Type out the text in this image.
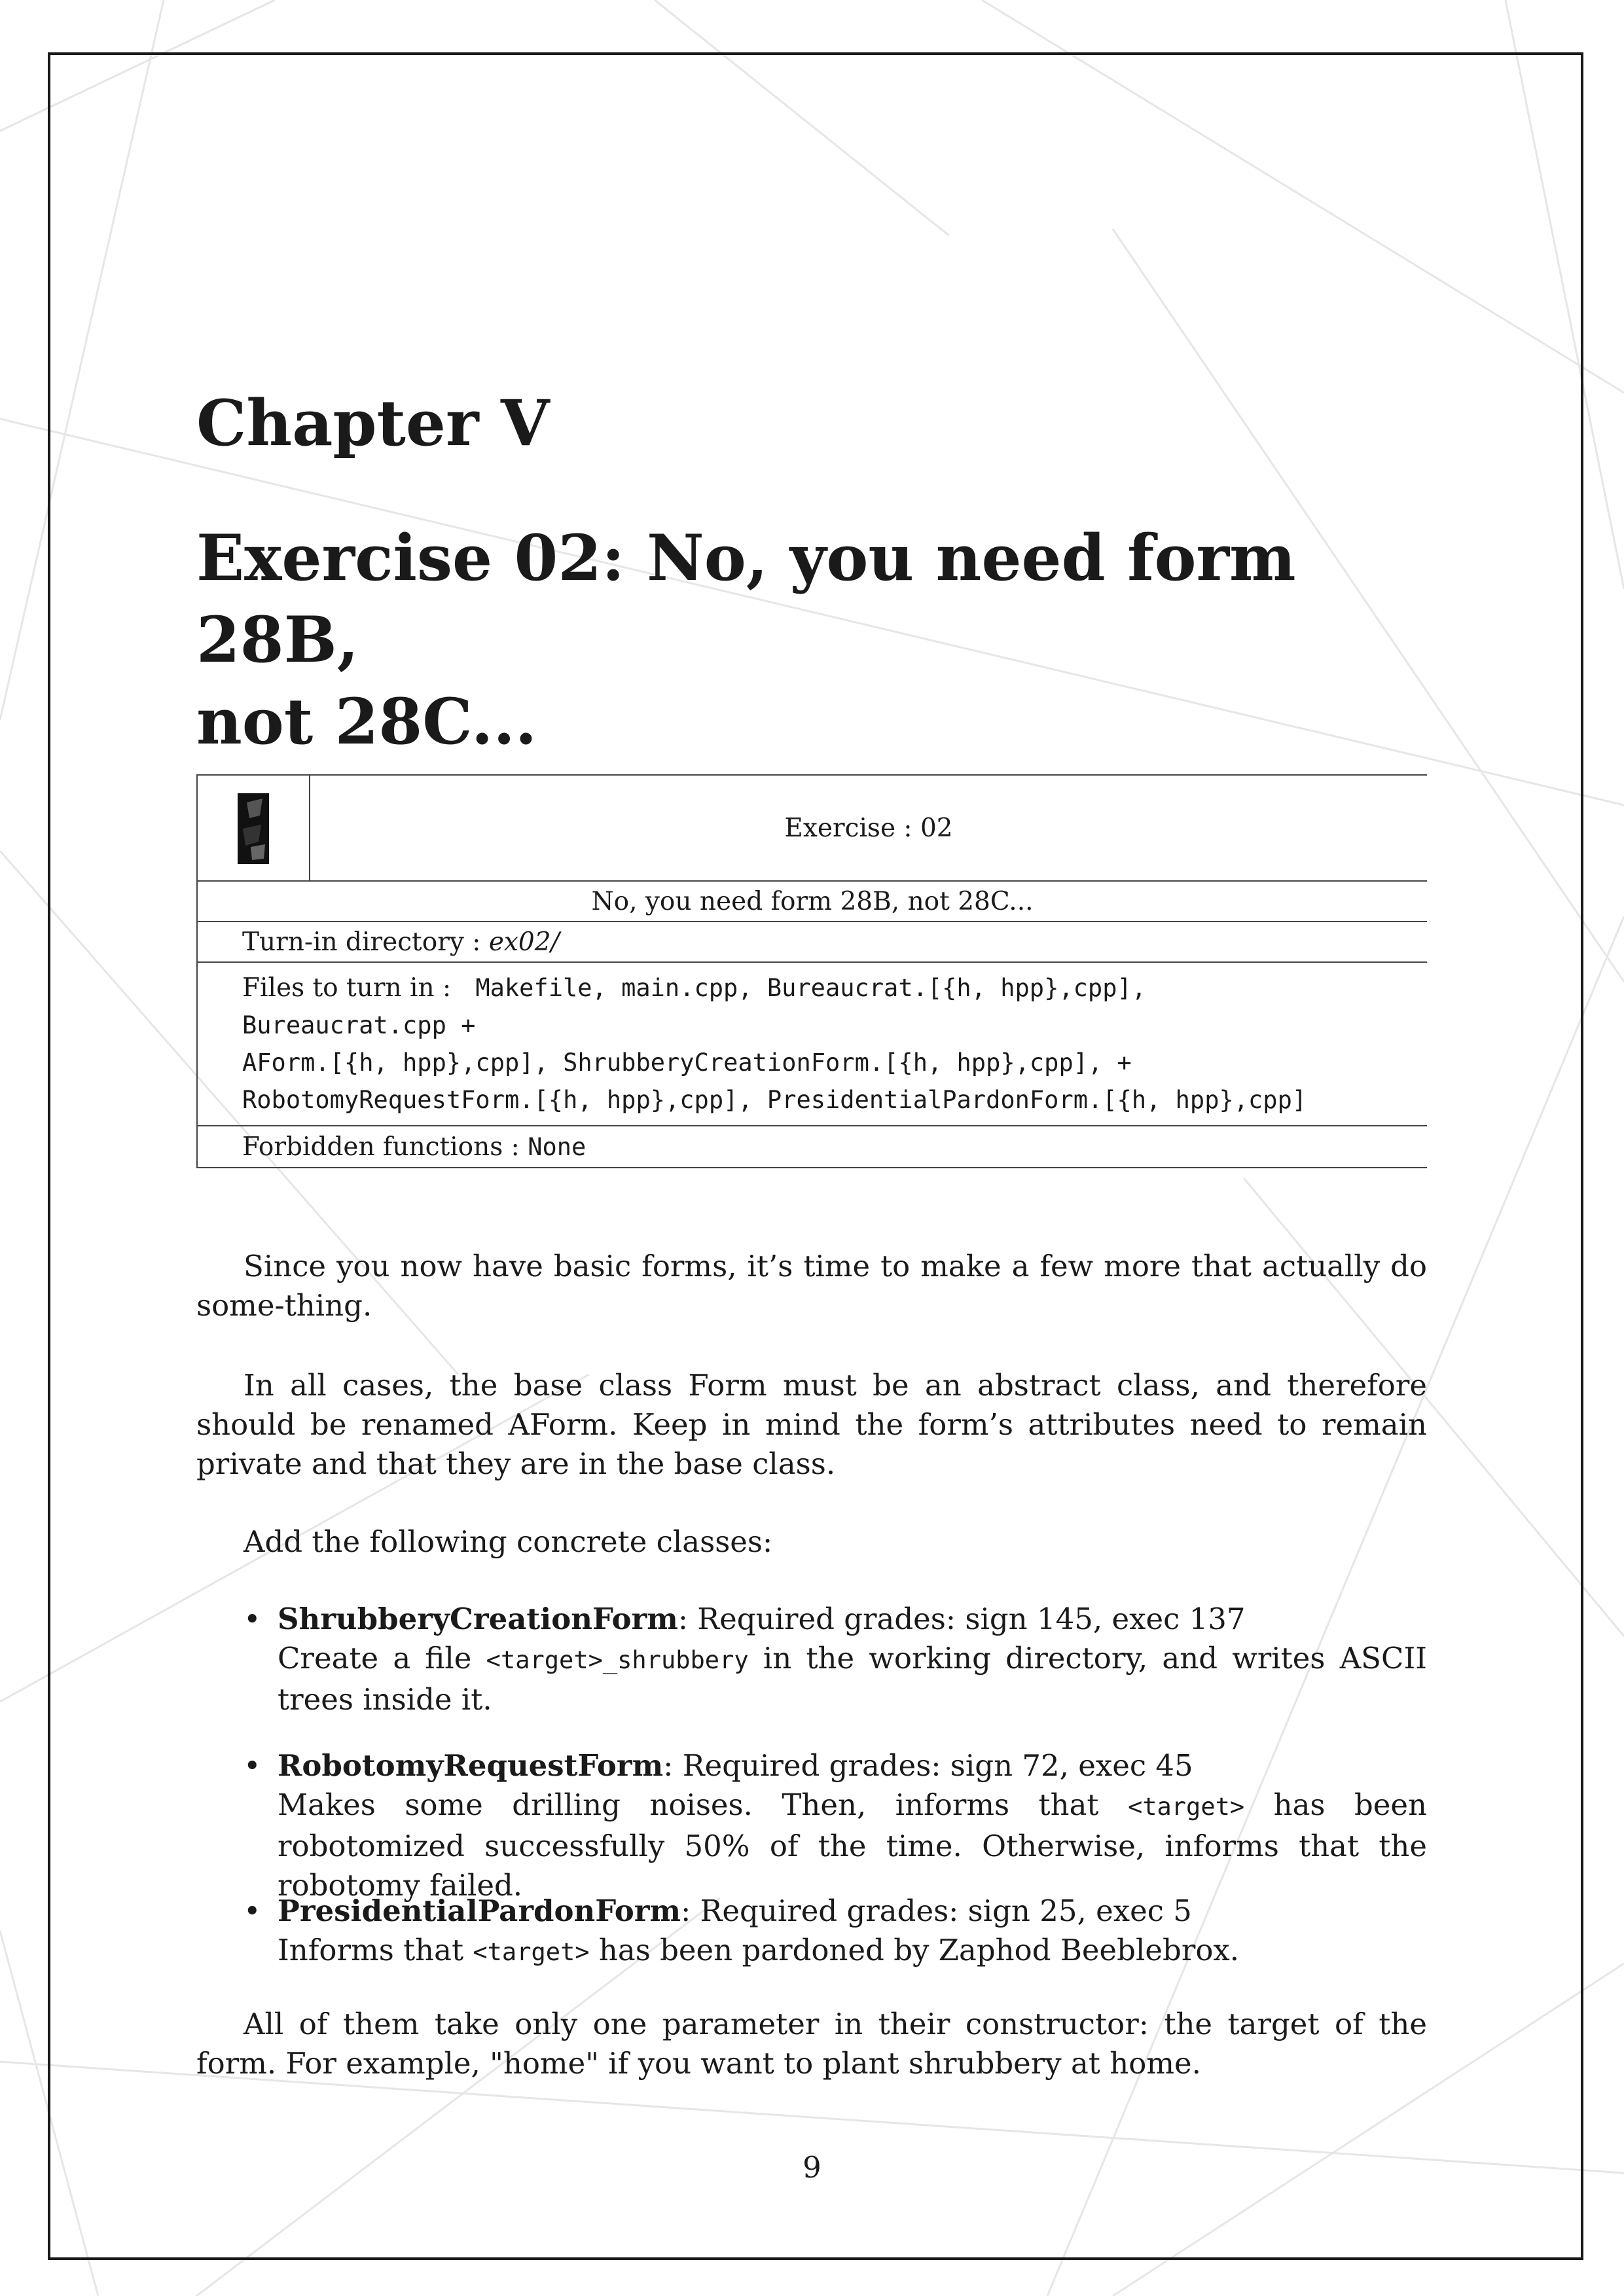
Chapter V
Exercise 02: No, you need form 28B,
not 28C...
Exercise : 02
No, you need form 28B, not 28C...
Turn-in directory :
ex02/
Files to turn in :   Makefile, main.cpp, Bureaucrat.[{h, hpp},cpp],
Bureaucrat.cpp +
AForm.[{h, hpp},cpp], ShrubberyCreationForm.[{h, hpp},cpp], +
RobotomyRequestForm.[{h, hpp},cpp], PresidentialPardonForm.[{h, hpp},cpp]
Forbidden functions :
None

Since you now have basic forms, it’s time to make a few more that actually do some-thing.

In all cases, the base class Form must be an abstract class, and therefore should be renamed AForm. Keep in mind the form’s attributes need to remain private and that they are in the base class.

Add the following concrete classes:

• ShrubberyCreationForm: Required grades: sign 145, exec 137
Create a file <target>_shrubbery in the working directory, and writes ASCII trees inside it.
• RobotomyRequestForm: Required grades: sign 72, exec 45
Makes some drilling noises. Then, informs that <target> has been robotomized successfully 50% of the time. Otherwise, informs that the robotomy failed.
• PresidentialPardonForm: Required grades: sign 25, exec 5
Informs that <target> has been pardoned by Zaphod Beeblebrox.

All of them take only one parameter in their constructor: the target of the form. For example, "home" if you want to plant shrubbery at home.

9
